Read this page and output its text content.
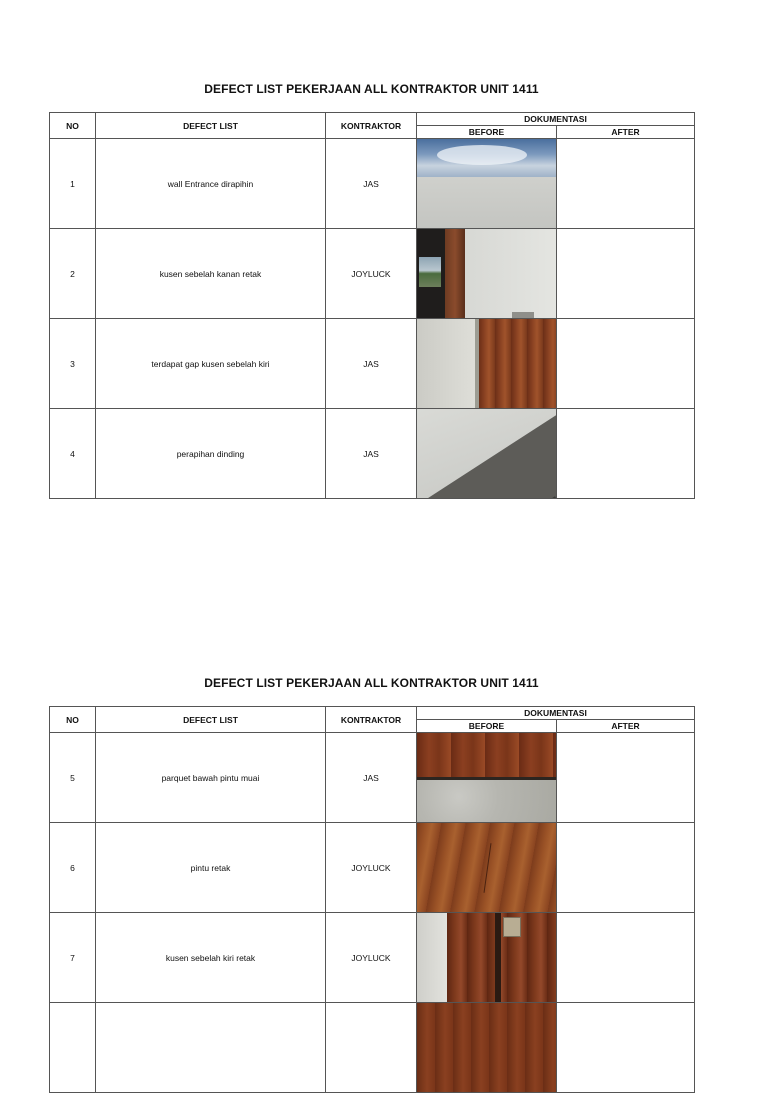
DEFECT LIST PEKERJAAN ALL KONTRAKTOR UNIT 1411
NO	DEFECT LIST	KONTRAKTOR	DOKUMENTASI	
			BEFORE	AFTER
1	wall Entrance dirapihin	JAS	

2	kusen sebelah kanan retak	JOYLUCK	

3	terdapat gap kusen sebelah kiri	JAS	

4	perapihan dinding	JAS	

DEFECT LIST PEKERJAAN ALL KONTRAKTOR UNIT 1411
NO	DEFECT LIST	KONTRAKTOR	DOKUMENTASI	
			BEFORE	AFTER
5	parquet bawah pintu muai	JAS	

6	pintu retak	JOYLUCK	

7	kusen sebelah kiri retak	JOYLUCK	
